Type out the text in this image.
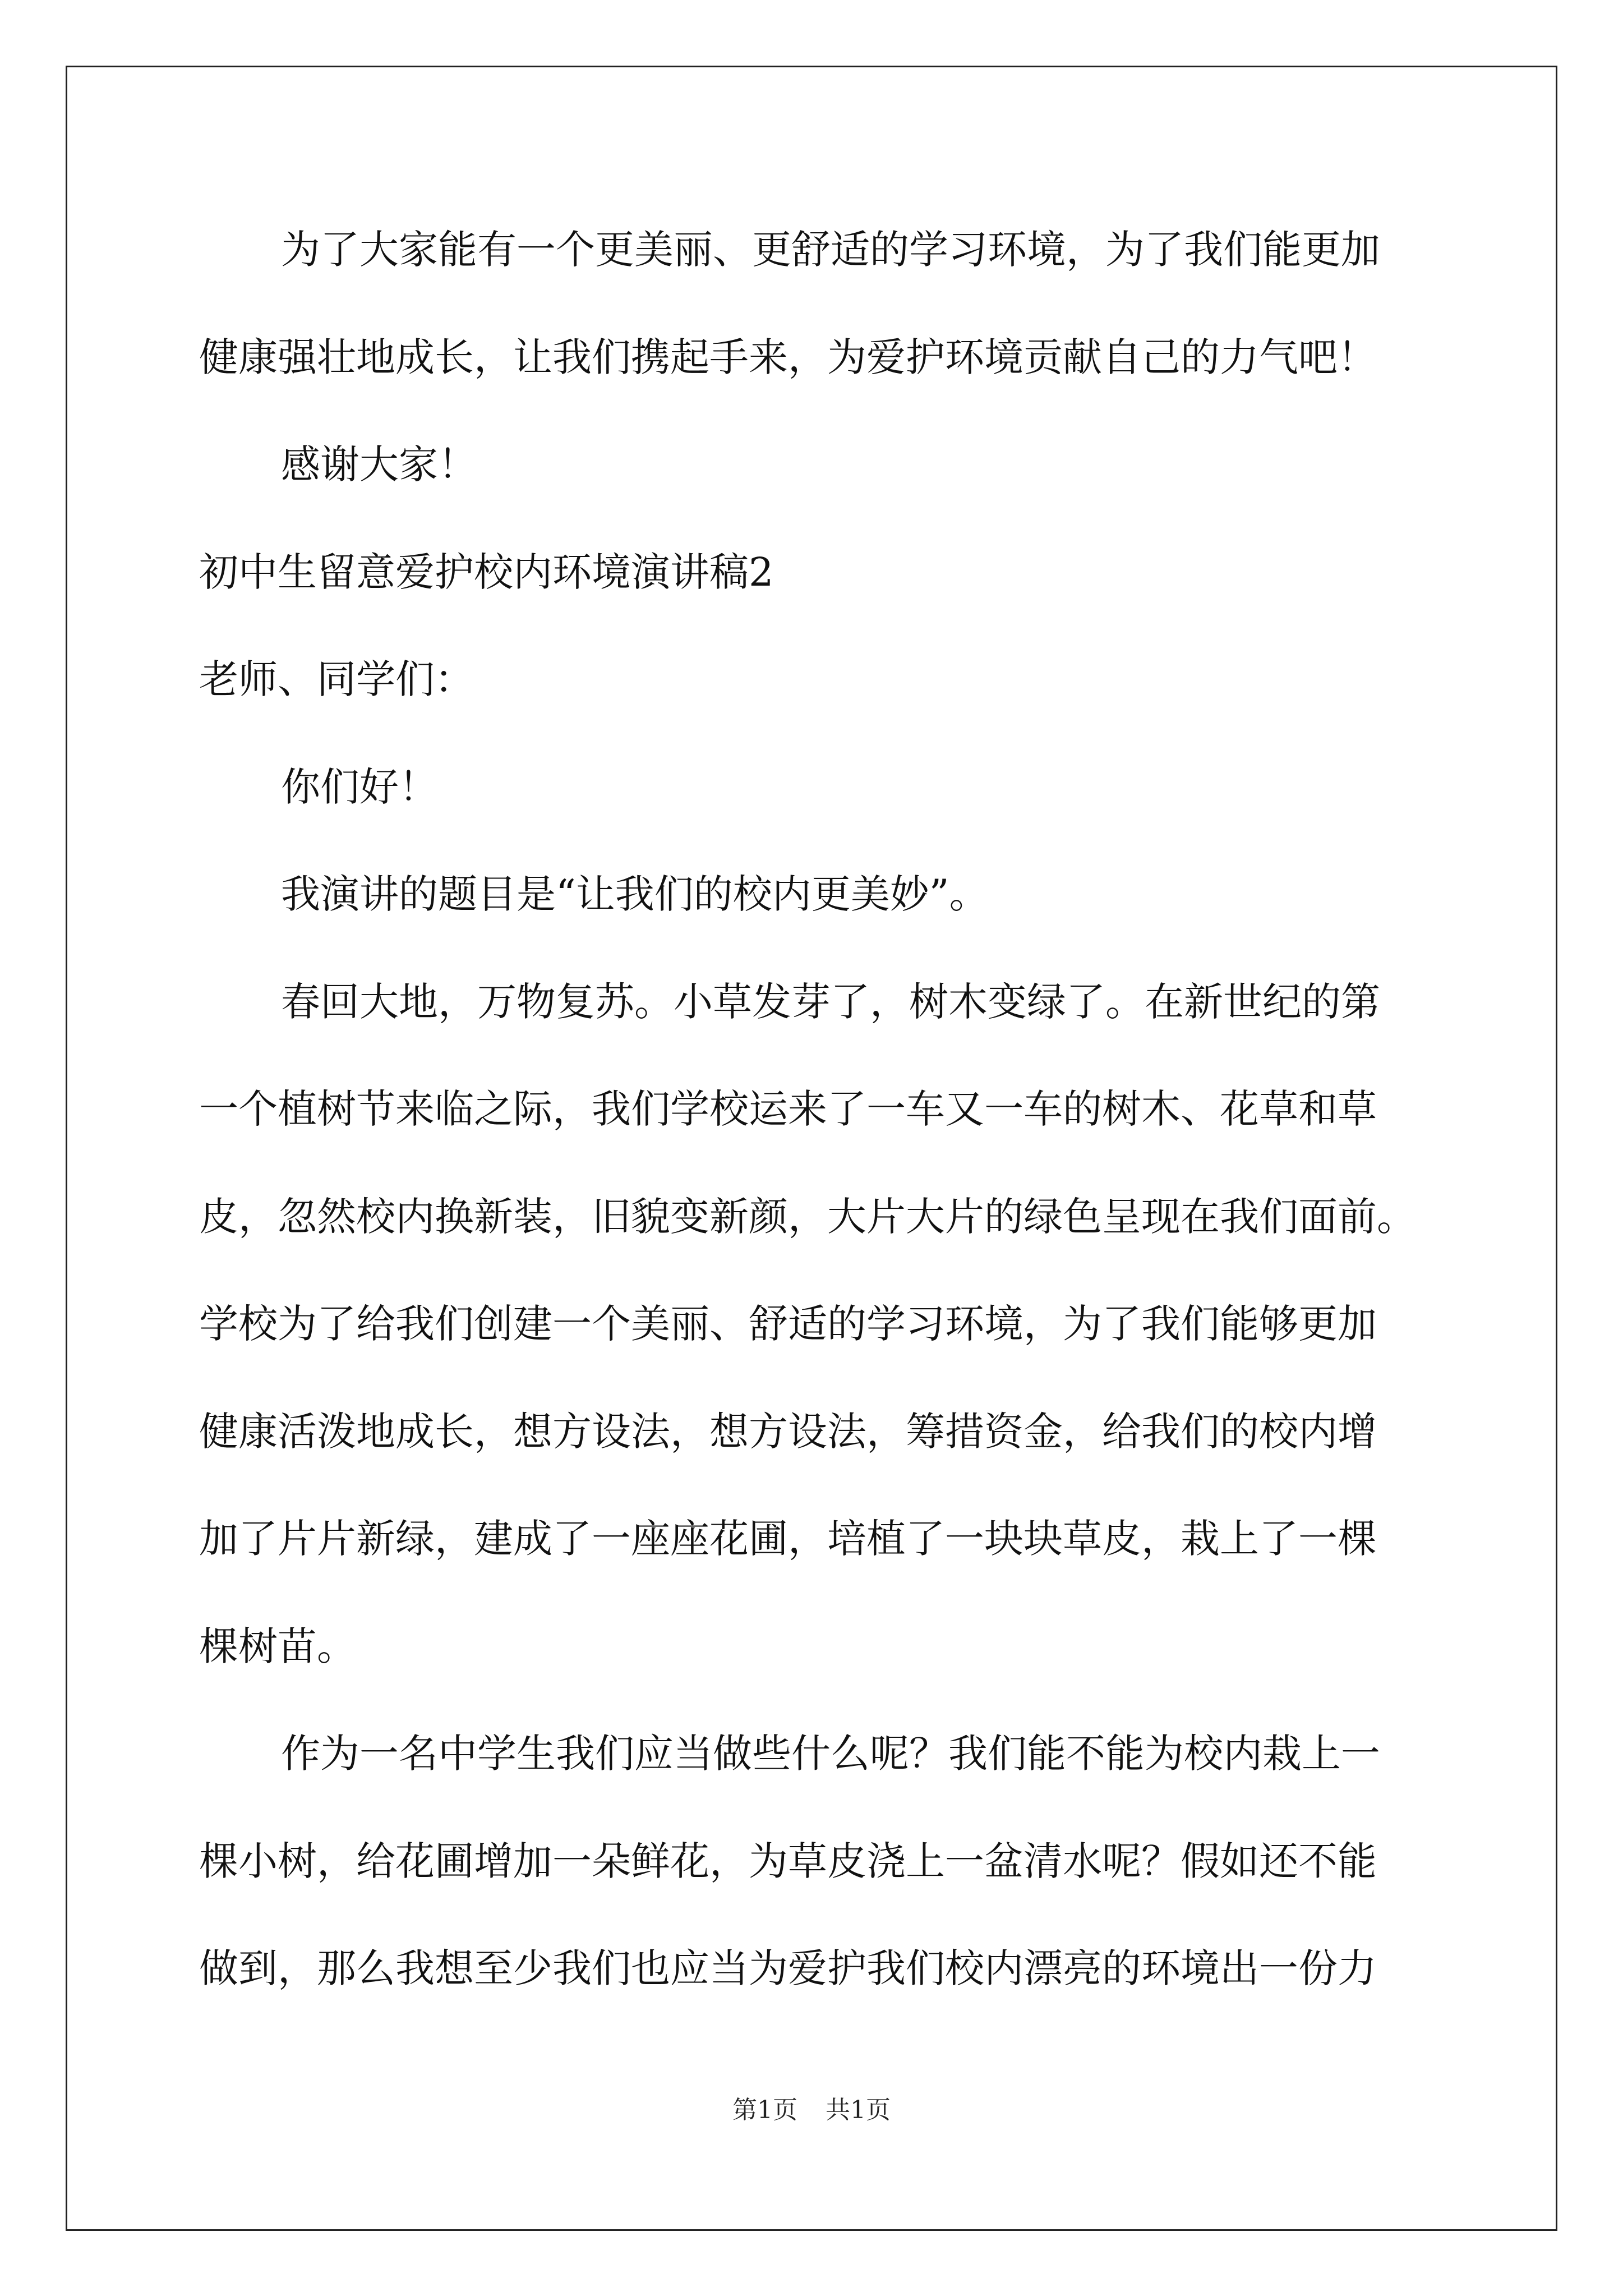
为了大家能有一个更美丽、更舒适的学习环境，为了我们能更加
健康强壮地成长，让我们携起手来，为爱护环境贡献自己的力气吧！
感谢大家！
初中生留意爱护校内环境演讲稿2
老师、同学们：
你们好！
我演讲的题目是“让我们的校内更美妙”。
春回大地，万物复苏。小草发芽了，树木变绿了。在新世纪的第
一个植树节来临之际，我们学校运来了一车又一车的树木、花草和草
皮，忽然校内换新装，旧貌变新颜，大片大片的绿色呈现在我们面前。
学校为了给我们创建一个美丽、舒适的学习环境，为了我们能够更加
健康活泼地成长，想方设法，想方设法，筹措资金，给我们的校内增
加了片片新绿，建成了一座座花圃，培植了一块块草皮，栽上了一棵
棵树苗。
作为一名中学生我们应当做些什么呢？我们能不能为校内栽上一
棵小树，给花圃增加一朵鲜花，为草皮浇上一盆清水呢？假如还不能
做到，那么我想至少我们也应当为爱护我们校内漂亮的环境出一份力
第1页 共1页
